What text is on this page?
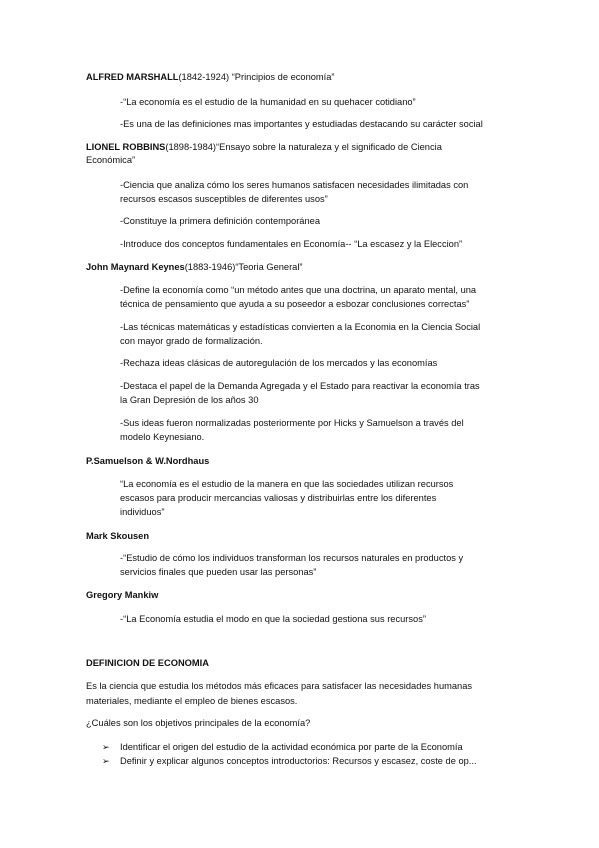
ALFRED MARSHALL(1842-1924) “Principios de economía”
-“La economía es el estudio de la humanidad en su quehacer cotidiano”
-Es una de las definiciones mas importantes y estudiadas destacando su carácter social
LIONEL ROBBINS(1898-1984)“Ensayo sobre la naturaleza y el significado de Ciencia
Económica”
-Ciencia que analiza cómo los seres humanos satisfacen necesidades ilimitadas con
recursos escasos susceptibles de diferentes usos”
-Constituye la primera definición contemporánea
-Introduce dos conceptos fundamentales en Economía-- “La escasez y la Eleccion”
John Maynard Keynes(1883-1946)“Teoria General”
-Define la economía como “un método antes que una doctrina, un aparato mental, una
técnica de pensamiento que ayuda a su poseedor a esbozar conclusiones correctas”
-Las técnicas matemáticas y estadísticas convierten a la Economia en la Ciencia Social
con mayor grado de formalización.
-Rechaza ideas clásicas de autoregulación de los mercados y las economías
-Destaca el papel de la Demanda Agregada y el Estado para reactivar la economía tras
la Gran Depresión de los años 30
-Sus ideas fueron normalizadas posteriormente por Hicks y Samuelson a través del
modelo Keynesiano.
P.Samuelson & W.Nordhaus
“La economía es el estudio de la manera en que las sociedades utilizan recursos
escasos para producir mercancias valiosas y distribuirlas entre los diferentes
individuos”
Mark Skousen
-“Estudio de cómo los individuos transforman los recursos naturales en productos y
servicios finales que pueden usar las personas”
Gregory Mankiw
-“La Economía estudia el modo en que la sociedad gestiona sus recursos”
DEFINICION DE ECONOMIA
Es la ciencia que estudia los métodos más eficaces para satisfacer las necesidades humanas
materiales, mediante el empleo de bienes escasos.
¿Cuáles son los objetivos principales de la economía?
➢ Identificar el origen del estudio de la actividad económica por parte de la Economía
➢ Definir y explicar algunos conceptos introductorios: Recursos y escasez, coste de op...
